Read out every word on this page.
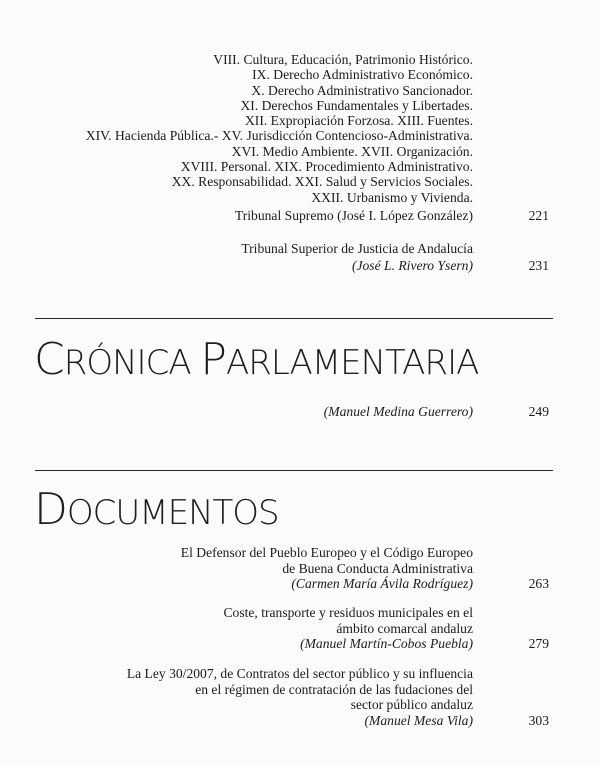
VIII. Cultura, Educación, Patrimonio Histórico.
IX. Derecho Administrativo Económico.
X. Derecho Administrativo Sancionador.
XI. Derechos Fundamentales y Libertades.
XII. Expropiación Forzosa. XIII. Fuentes.
XIV. Hacienda Pública.- XV. Jurisdicción Contencioso-Administrativa.
XVI. Medio Ambiente. XVII. Organización.
XVIII. Personal. XIX. Procedimiento Administrativo.
XX. Responsabilidad. XXI. Salud y Servicios Sociales.
XXII. Urbanismo y Vivienda.
Tribunal Supremo (José I. López González)	221
Tribunal Superior de Justicia de Andalucía
(José L. Rivero Ysern)	231
CRÓNICA PARLAMENTARIA
(Manuel Medina Guerrero)	249
DOCUMENTOS
El Defensor del Pueblo Europeo y el Código Europeo
de Buena Conducta Administrativa
(Carmen María Ávila Rodríguez)	263
Coste, transporte y residuos municipales en el
ámbito comarcal andaluz
(Manuel Martín-Cobos Puebla)	279
La Ley 30/2007, de Contratos del sector público y su influencia
en el régimen de contratación de las fudaciones del
sector público andaluz
(Manuel Mesa Vila)	303
